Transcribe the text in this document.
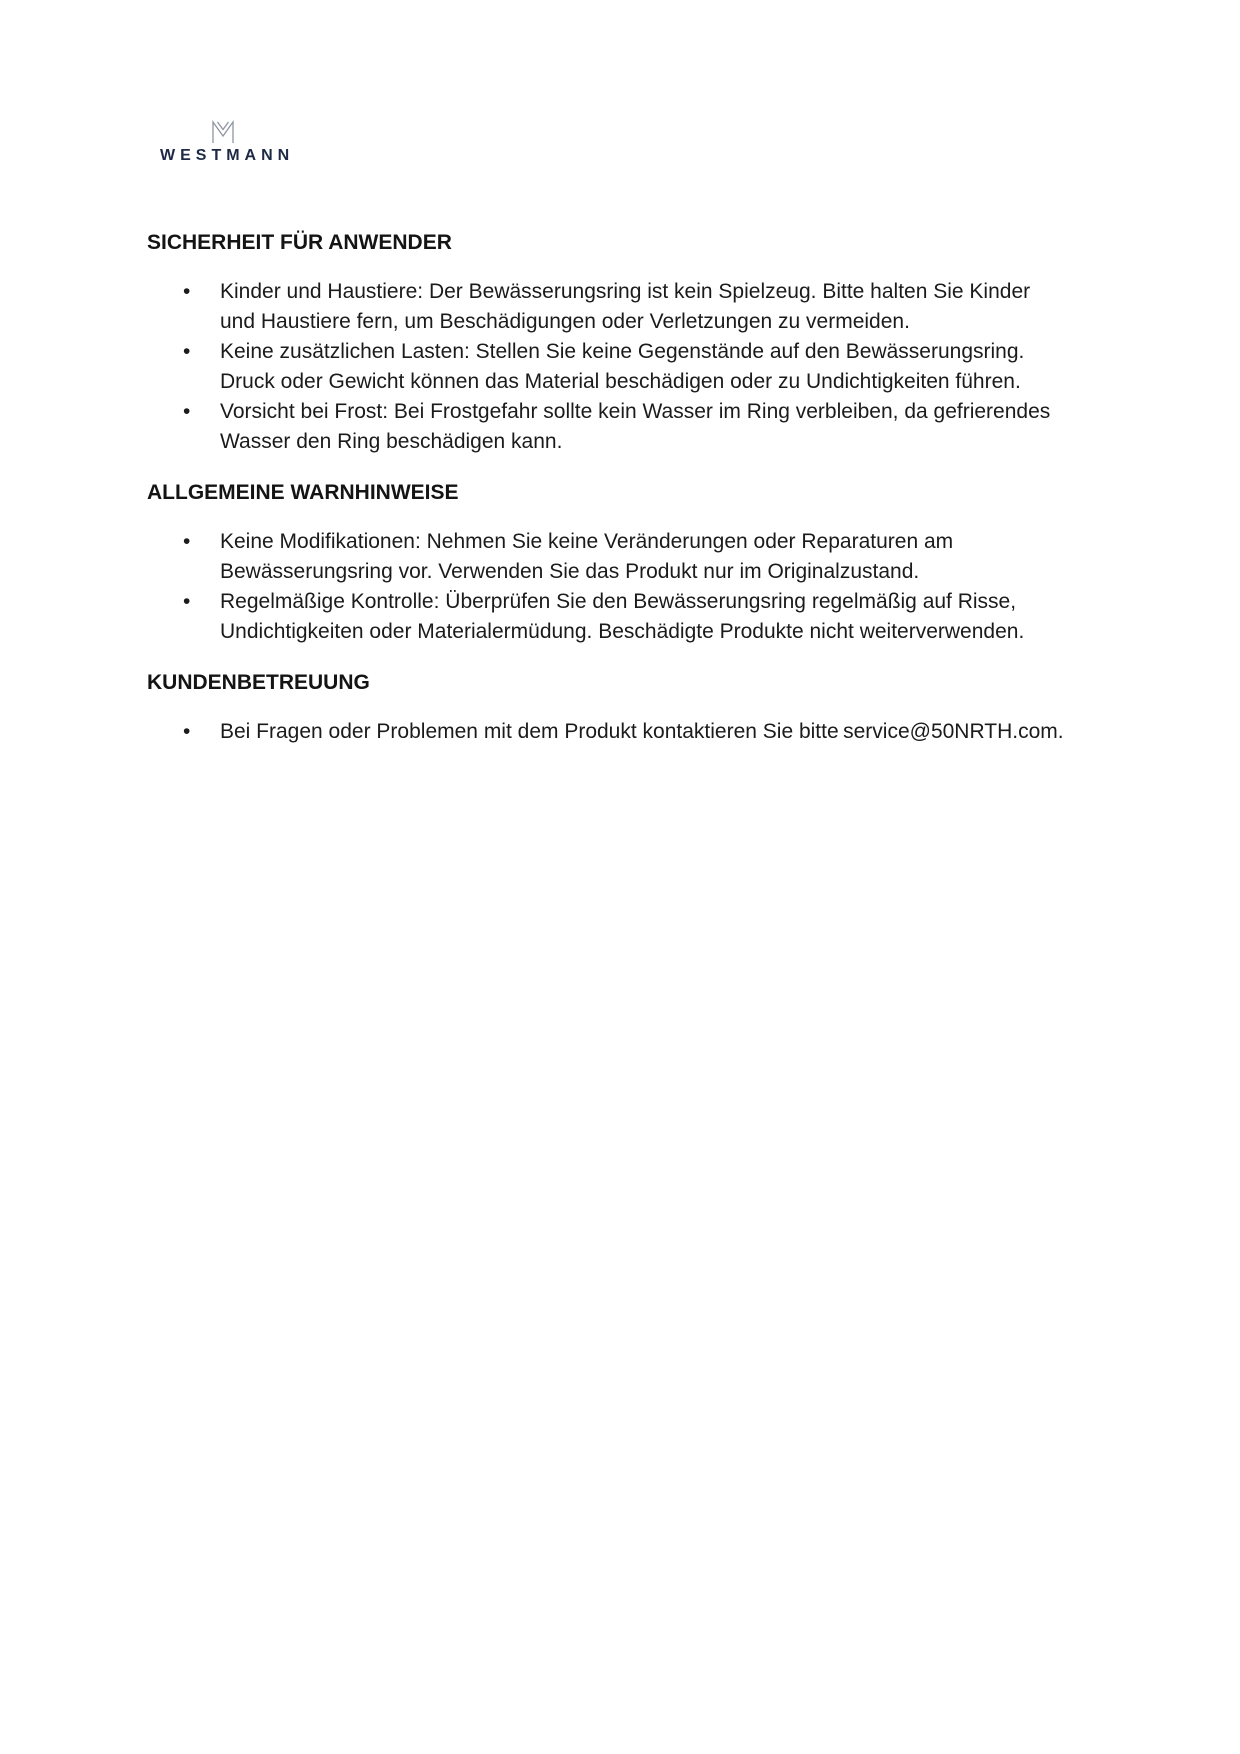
WESTMANN
SICHERHEIT FÜR ANWENDER
•	Kinder und Haustiere: Der Bewässerungsring ist kein Spielzeug. Bitte halten Sie Kinder und Haustiere fern, um Beschädigungen oder Verletzungen zu vermeiden.
•	Keine zusätzlichen Lasten: Stellen Sie keine Gegenstände auf den Bewässerungsring. Druck oder Gewicht können das Material beschädigen oder zu Undichtigkeiten führen.
•	Vorsicht bei Frost: Bei Frostgefahr sollte kein Wasser im Ring verbleiben, da gefrierendes Wasser den Ring beschädigen kann.
ALLGEMEINE WARNHINWEISE
•	Keine Modifikationen: Nehmen Sie keine Veränderungen oder Reparaturen am Bewässerungsring vor. Verwenden Sie das Produkt nur im Originalzustand.
•	Regelmäßige Kontrolle: Überprüfen Sie den Bewässerungsring regelmäßig auf Risse, Undichtigkeiten oder Materialermüdung. Beschädigte Produkte nicht weiterverwenden.
KUNDENBETREUUNG
•	Bei Fragen oder Problemen mit dem Produkt kontaktieren Sie bitte service@50NRTH.com.
